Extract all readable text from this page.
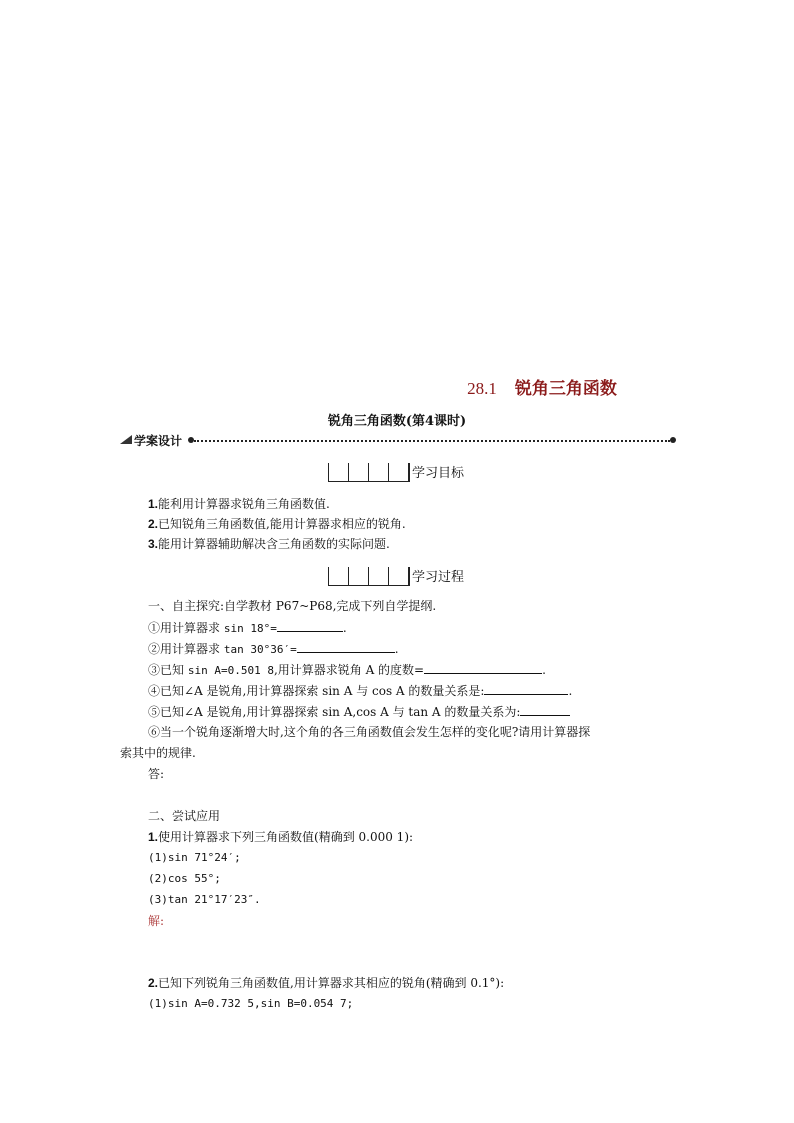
28.1 锐角三角函数
锐角三角函数(第4课时)
学案设计
学习目标
1.能利用计算器求锐角三角函数值.
2.已知锐角三角函数值,能用计算器求相应的锐角.
3.能用计算器辅助解决含三角函数的实际问题.
学习过程
一、自主探究:自学教材 P67~P68,完成下列自学提纲.
①用计算器求 sin 18°=	.
②用计算器求 tan 30°36′=	.
③已知 sin A=0.501 8,用计算器求锐角 A 的度数=	.
④已知∠A 是锐角,用计算器探索 sin A 与 cos A 的数量关系是:	.
⑤已知∠A 是锐角,用计算器探索 sin A,cos A 与 tan A 的数量关系为:
⑥当一个锐角逐渐增大时,这个角的各三角函数值会发生怎样的变化呢?请用计算器探
索其中的规律.
答:
二、尝试应用
1.使用计算器求下列三角函数值(精确到 0.000 1):
(1)sin 71°24′;
(2)cos 55°;
(3)tan 21°17′23″.
解:
2.已知下列锐角三角函数值,用计算器求其相应的锐角(精确到 0.1°):
(1)sin A=0.732 5,sin B=0.054 7;
